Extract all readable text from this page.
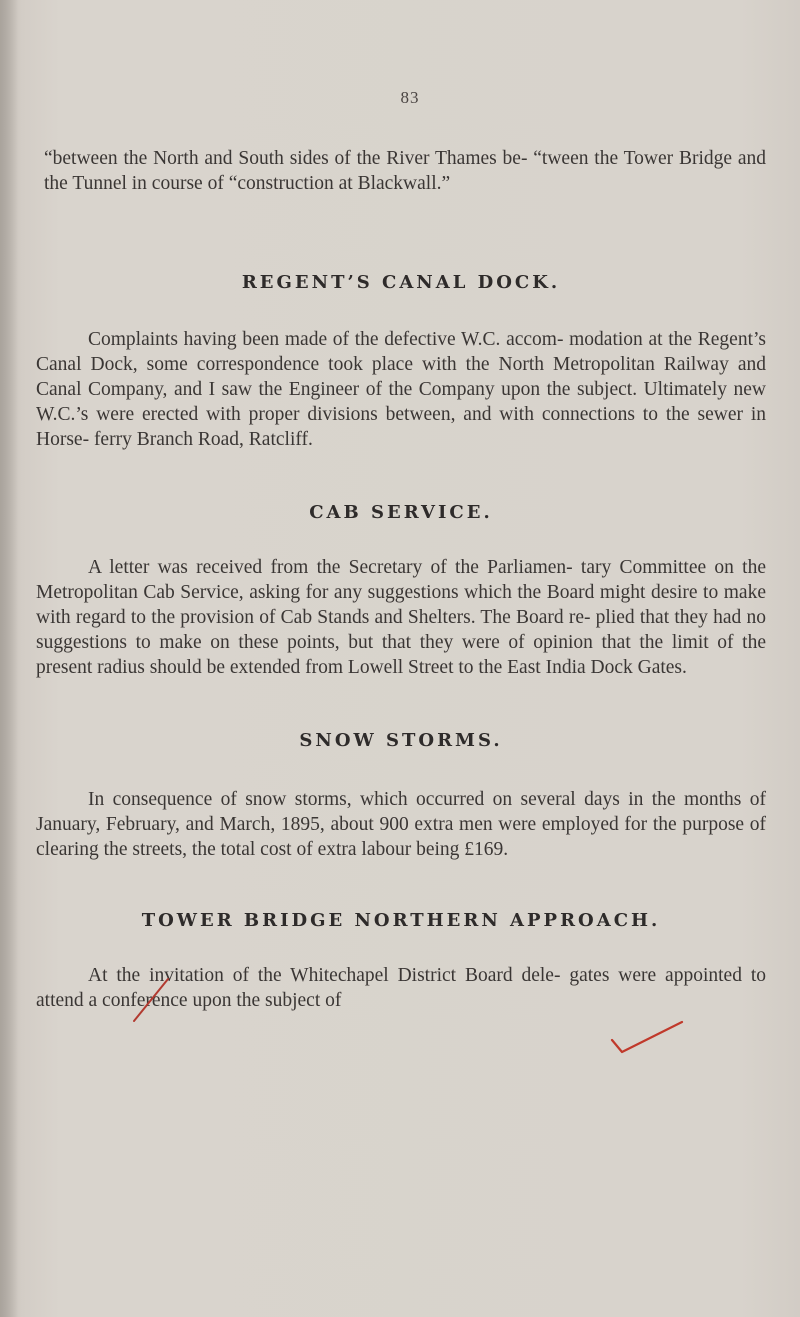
83

“between the North and South sides of the River Thames be- “tween the Tower Bridge and the Tunnel in course of “construction at Blackwall.”

REGENT’S CANAL DOCK.

Complaints having been made of the defective W.C. accom- modation at the Regent’s Canal Dock, some correspondence took place with the North Metropolitan Railway and Canal Company, and I saw the Engineer of the Company upon the subject. Ultimately new W.C.’s were erected with proper divisions between, and with connections to the sewer in Horse- ferry Branch Road, Ratcliff.

CAB SERVICE.

A letter was received from the Secretary of the Parliamen- tary Committee on the Metropolitan Cab Service, asking for any suggestions which the Board might desire to make with regard to the provision of Cab Stands and Shelters. The Board re- plied that they had no suggestions to make on these points, but that they were of opinion that the limit of the present radius should be extended from Lowell Street to the East India Dock Gates.

SNOW STORMS.

In consequence of snow storms, which occurred on several days in the months of January, February, and March, 1895, about 900 extra men were employed for the purpose of clearing the streets, the total cost of extra labour being £169.

TOWER BRIDGE NORTHERN APPROACH.

At the invitation of the Whitechapel District Board dele- gates were appointed to attend a conference upon the subject of
